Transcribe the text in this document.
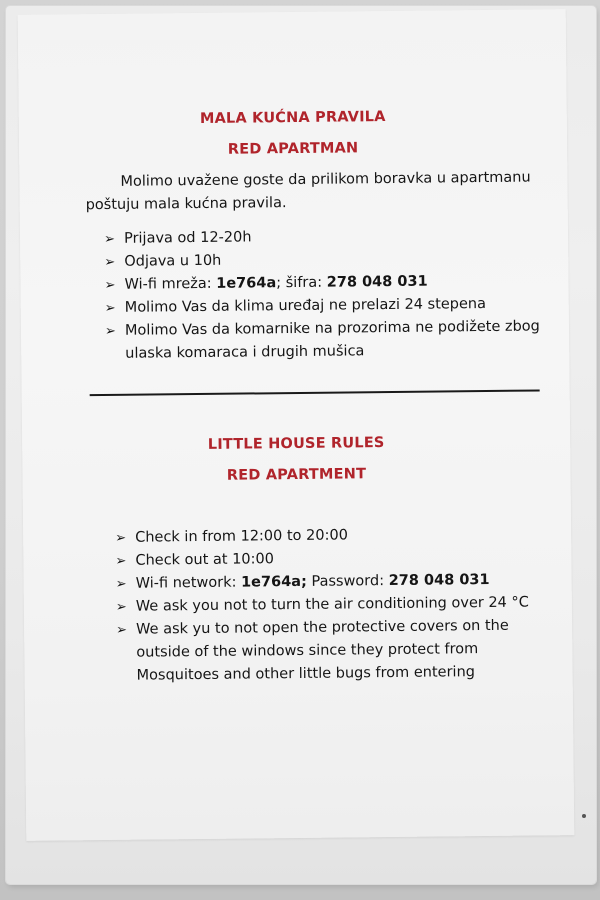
MALA KUĆNA PRAVILA
RED APARTMAN
Molimo uvažene goste da prilikom boravka u apartmanu
poštuju mala kućna pravila.
➢ Prijava od 12-20h
➢ Odjava u 10h
➢ Wi-fi mreža: 1e764a; šifra: 278 048 031
➢ Molimo Vas da klima uređaj ne prelazi 24 stepena
➢ Molimo Vas da komarnike na prozorima ne podižete zbog
ulaska komaraca i drugih mušica
LITTLE HOUSE RULES
RED APARTMENT
➢ Check in from 12:00 to 20:00
➢ Check out at 10:00
➢ Wi-fi network: 1e764a; Password: 278 048 031
➢ We ask you not to turn the air conditioning over 24 °C
➢ We ask yu to not open the protective covers on the
outside of the windows since they protect from
Mosquitoes and other little bugs from entering
